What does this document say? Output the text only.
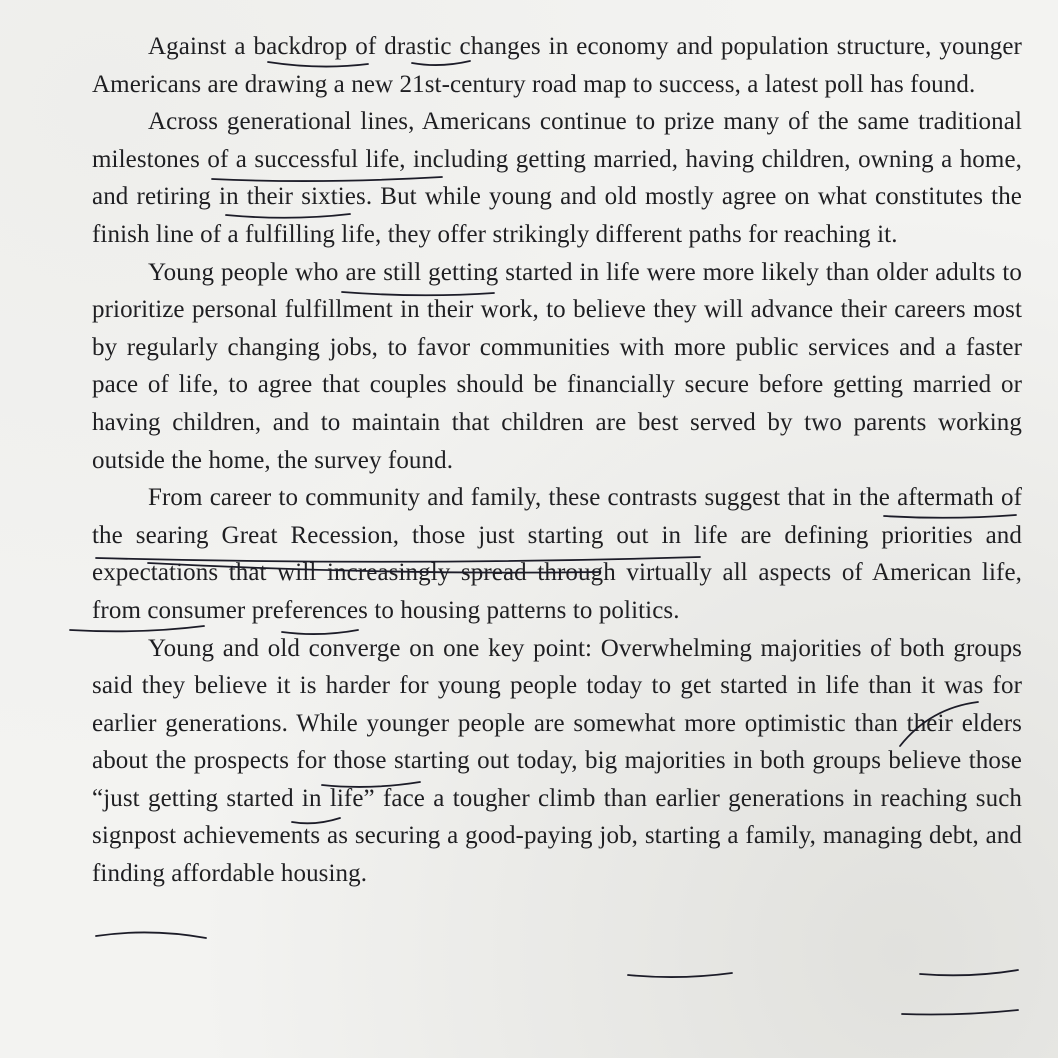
Against a backdrop of drastic changes in economy and population structure, younger Americans are drawing a new 21st-century road map to success, a latest poll has found.

Across generational lines, Americans continue to prize many of the same traditional milestones of a successful life, including getting married, having children, owning a home, and retiring in their sixties. But while young and old mostly agree on what constitutes the finish line of a fulfilling life, they offer strikingly different paths for reaching it.

Young people who are still getting started in life were more likely than older adults to prioritize personal fulfillment in their work, to believe they will advance their careers most by regularly changing jobs, to favor communities with more public services and a faster pace of life, to agree that couples should be financially secure before getting married or having children, and to maintain that children are best served by two parents working outside the home, the survey found.

From career to community and family, these contrasts suggest that in the aftermath of the searing Great Recession, those just starting out in life are defining priorities and expectations that will increasingly spread through virtually all aspects of American life, from consumer preferences to housing patterns to politics.

Young and old converge on one key point: Overwhelming majorities of both groups said they believe it is harder for young people today to get started in life than it was for earlier generations. While younger people are somewhat more optimistic than their elders about the prospects for those starting out today, big majorities in both groups believe those “just getting started in life” face a tougher climb than earlier generations in reaching such signpost achievements as securing a good-paying job, starting a family, managing debt, and finding affordable housing.
